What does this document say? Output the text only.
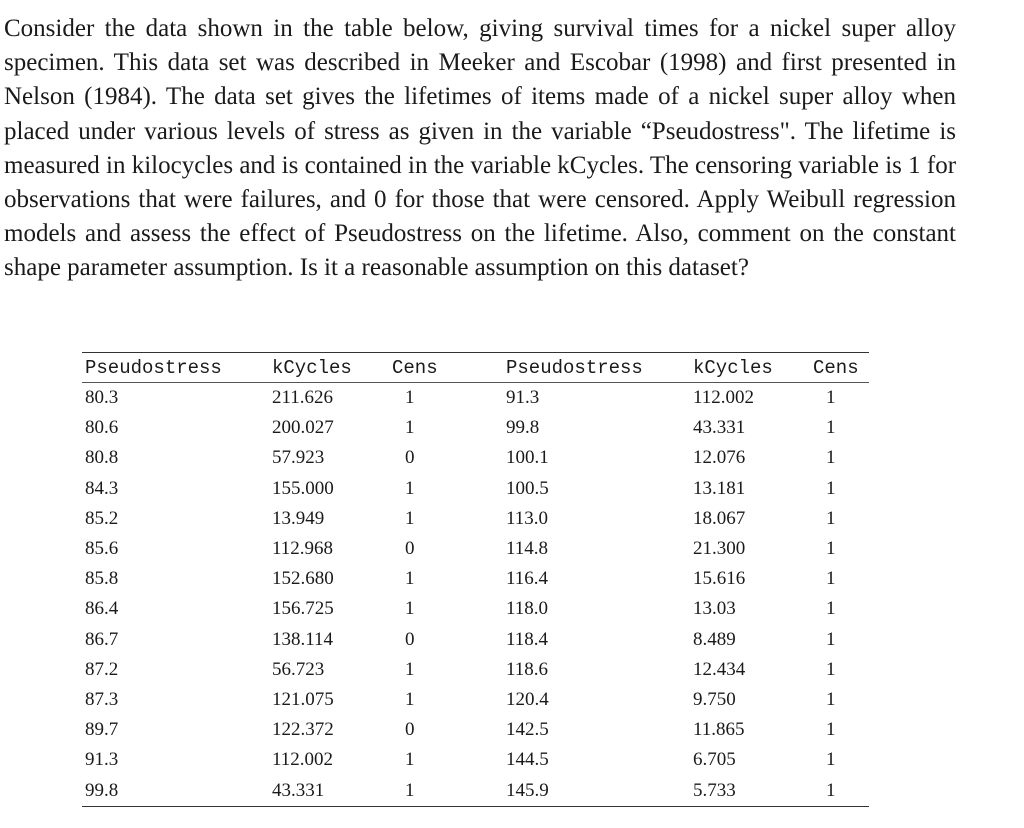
Consider the data shown in the table below, giving survival times for a nickel super alloy specimen. This data set was described in Meeker and Escobar (1998) and first presented in Nelson (1984). The data set gives the lifetimes of items made of a nickel super alloy when placed under various levels of stress as given in the variable “Pseudostress". The lifetime is measured in kilocycles and is contained in the variable kCycles. The censoring variable is 1 for observations that were failures, and 0 for those that were censored. Apply Weibull regression models and assess the effect of Pseudostress on the lifetime. Also, comment on the constant shape parameter assumption. Is it a reasonable assumption on this dataset?

Pseudostress	kCycles	Cens	Pseudostress	kCycles	Cens
80.3	211.626	1	91.3	112.002	1
80.6	200.027	1	99.8	43.331	1
80.8	57.923	0	100.1	12.076	1
84.3	155.000	1	100.5	13.181	1
85.2	13.949	1	113.0	18.067	1
85.6	112.968	0	114.8	21.300	1
85.8	152.680	1	116.4	15.616	1
86.4	156.725	1	118.0	13.03	1
86.7	138.114	0	118.4	8.489	1
87.2	56.723	1	118.6	12.434	1
87.3	121.075	1	120.4	9.750	1
89.7	122.372	0	142.5	11.865	1
91.3	112.002	1	144.5	6.705	1
99.8	43.331	1	145.9	5.733	1
